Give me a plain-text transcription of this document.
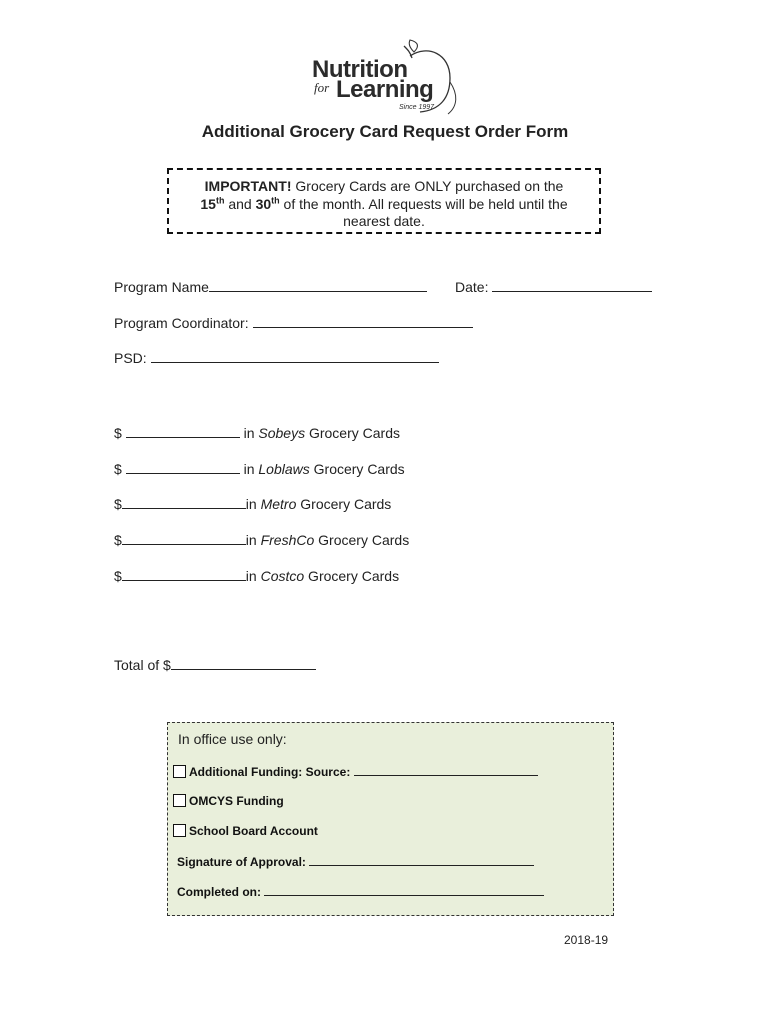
Nutrition
for Learning
Since 1997
Additional Grocery Card Request Order Form
IMPORTANT! Grocery Cards are ONLY purchased on the
15th and 30th of the month. All requests will be held until the
nearest date.
Program Name	Date:
Program Coordinator:
PSD:
$	in Sobeys Grocery Cards
$	in Loblaws Grocery Cards
$	in Metro Grocery Cards
$	in FreshCo Grocery Cards
$	in Costco Grocery Cards
Total of $
In office use only:
Additional Funding: Source:
OMCYS Funding
School Board Account
Signature of Approval:
Completed on:
2018-19
